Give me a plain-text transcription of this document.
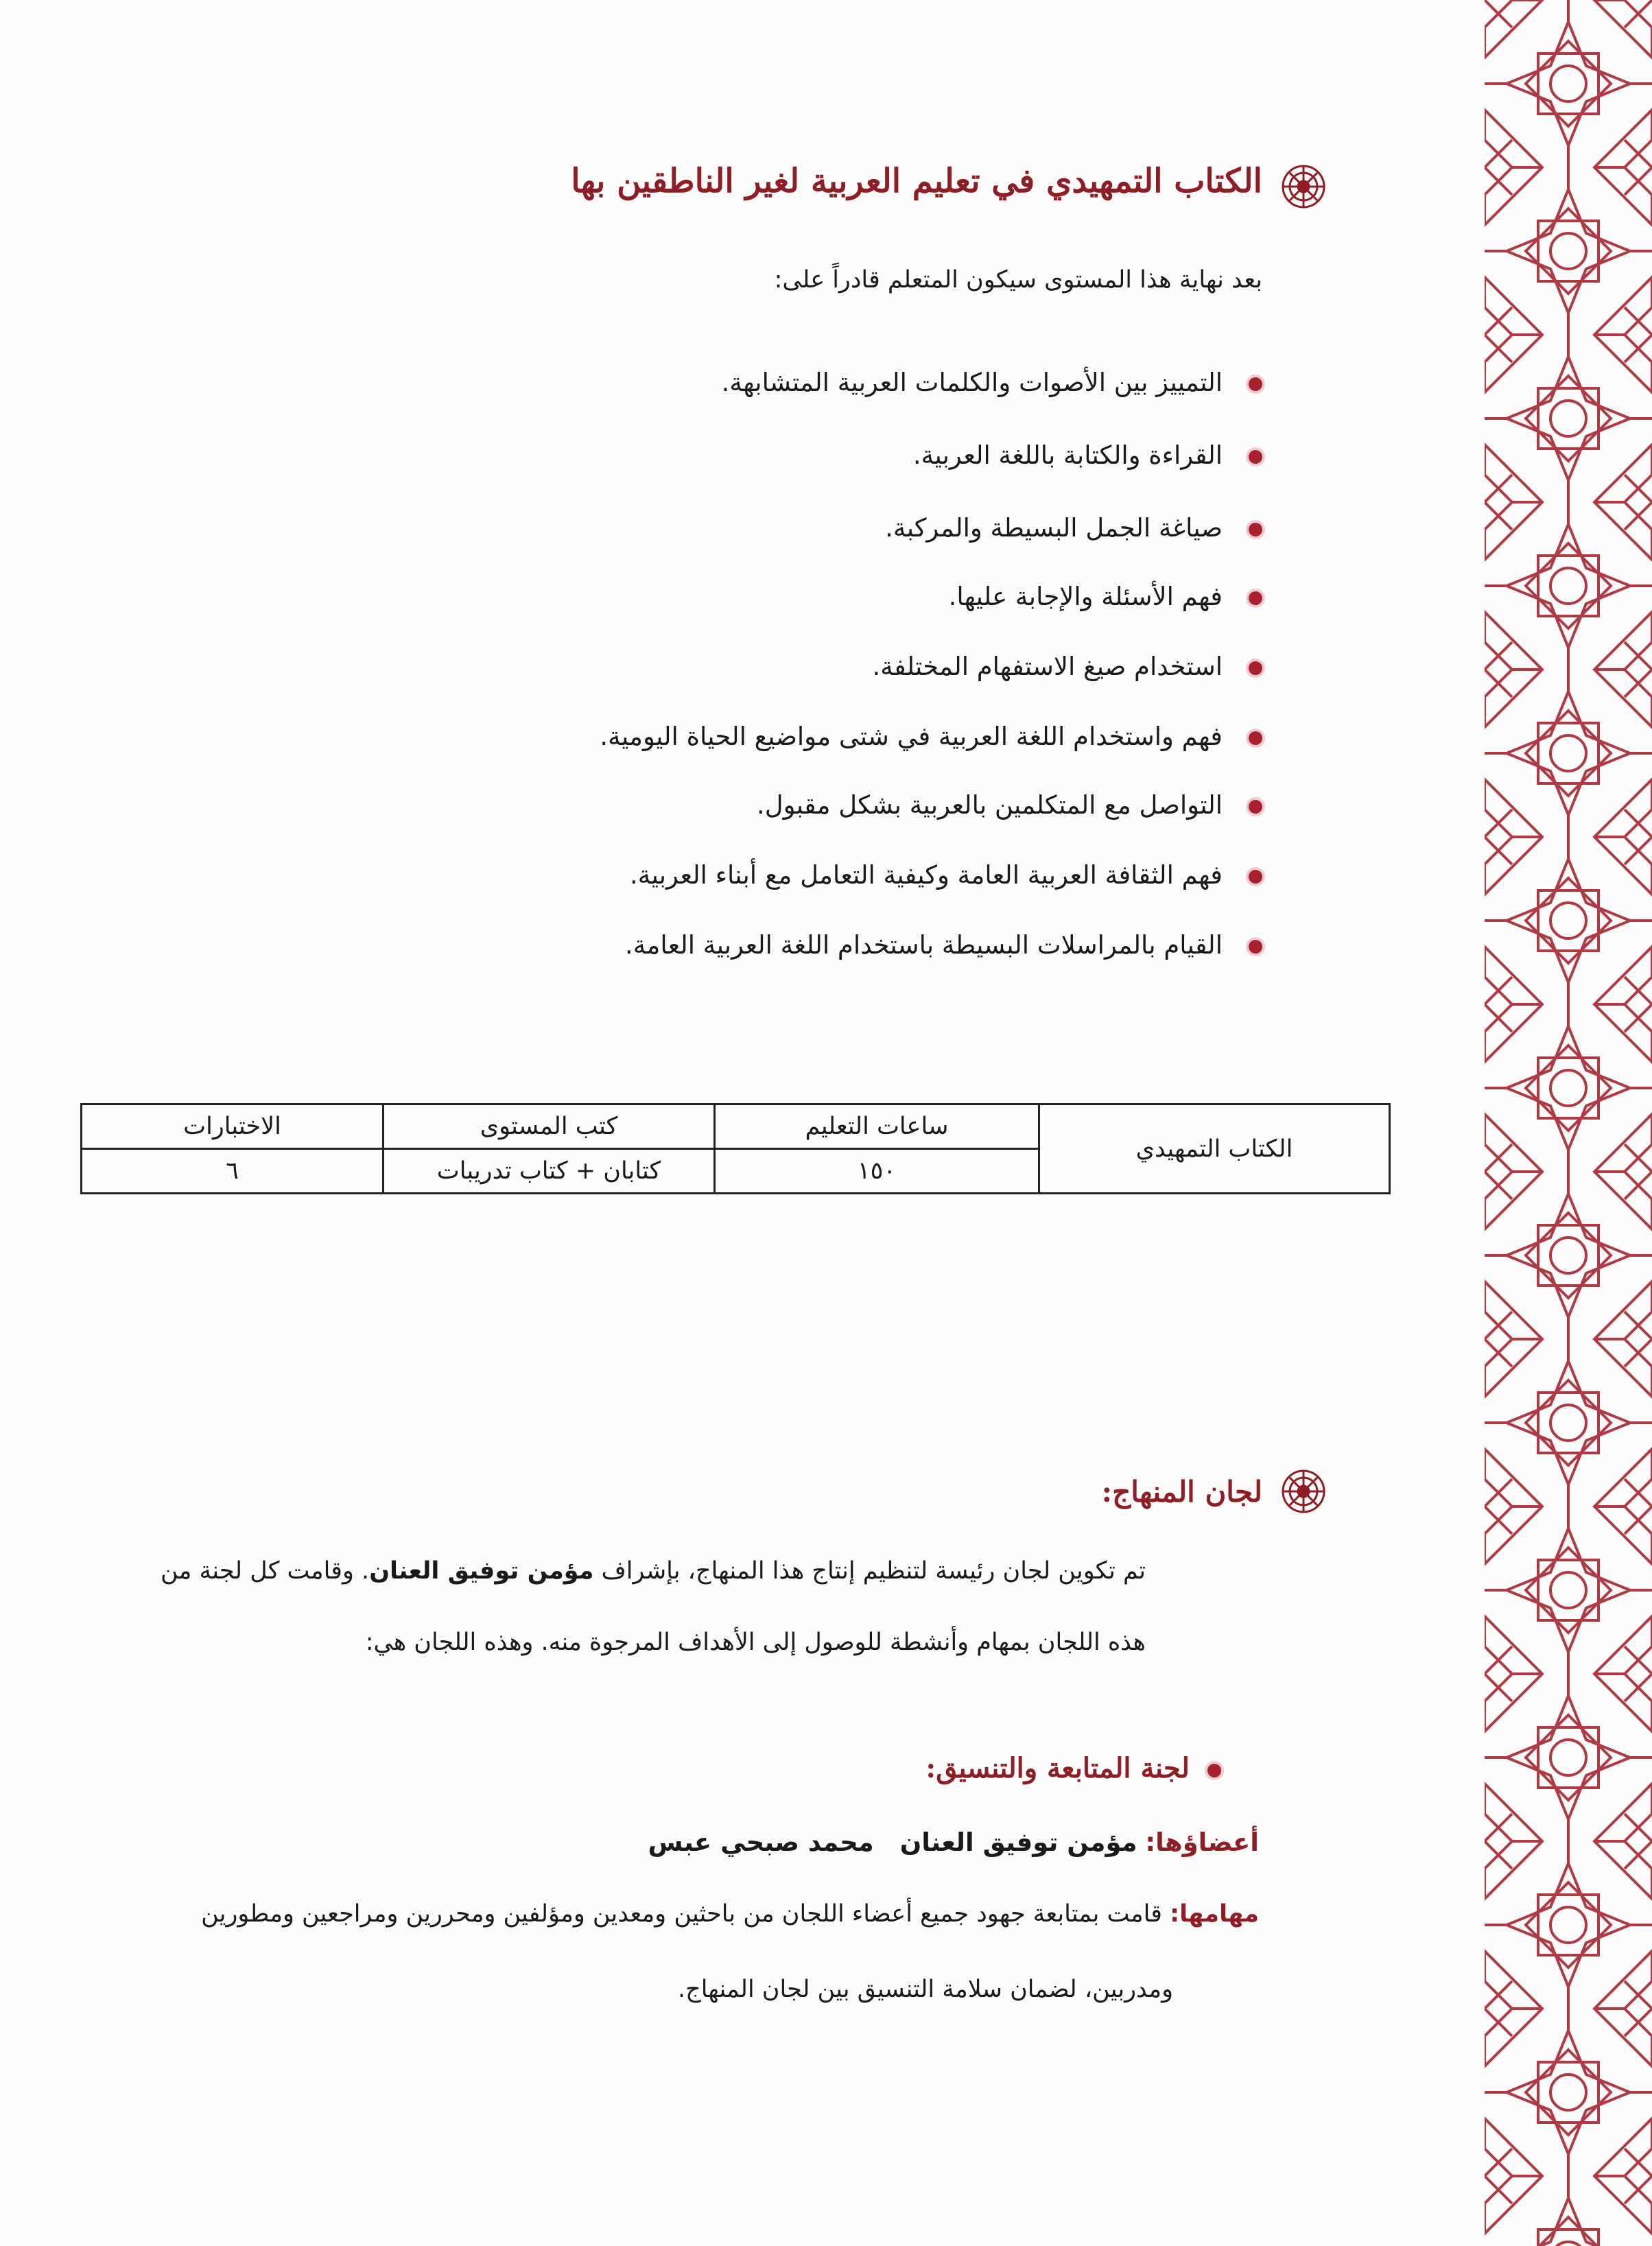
الكتاب التمهيدي في تعليم العربية لغير الناطقين بها
بعد نهاية هذا المستوى سيكون المتعلم قادراً على:
التمييز بين الأصوات والكلمات العربية المتشابهة.
القراءة والكتابة باللغة العربية.
صياغة الجمل البسيطة والمركبة.
فهم الأسئلة والإجابة عليها.
استخدام صيغ الاستفهام المختلفة.
فهم واستخدام اللغة العربية في شتى مواضيع الحياة اليومية.
التواصل مع المتكلمين بالعربية بشكل مقبول.
فهم الثقافة العربية العامة وكيفية التعامل مع أبناء العربية.
القيام بالمراسلات البسيطة باستخدام اللغة العربية العامة.
الكتاب التمهيدي	ساعات التعليم	كتب المستوى	الاختبارات
	١٥٠	كتابان + كتاب تدريبات	٦
لجان المنهاج:
تم تكوين لجان رئيسة لتنظيم إنتاج هذا المنهاج، بإشراف مؤمن توفيق العنان. وقامت كل لجنة من
هذه اللجان بمهام وأنشطة للوصول إلى الأهداف المرجوة منه. وهذه اللجان هي:
لجنة المتابعة والتنسيق:
أعضاؤها: مؤمن توفيق العنانمحمد صبحي عبس
مهامها: قامت بمتابعة جهود جميع أعضاء اللجان من باحثين ومعدين ومؤلفين ومحررين ومراجعين ومطورين
ومدربين، لضمان سلامة التنسيق بين لجان المنهاج.
